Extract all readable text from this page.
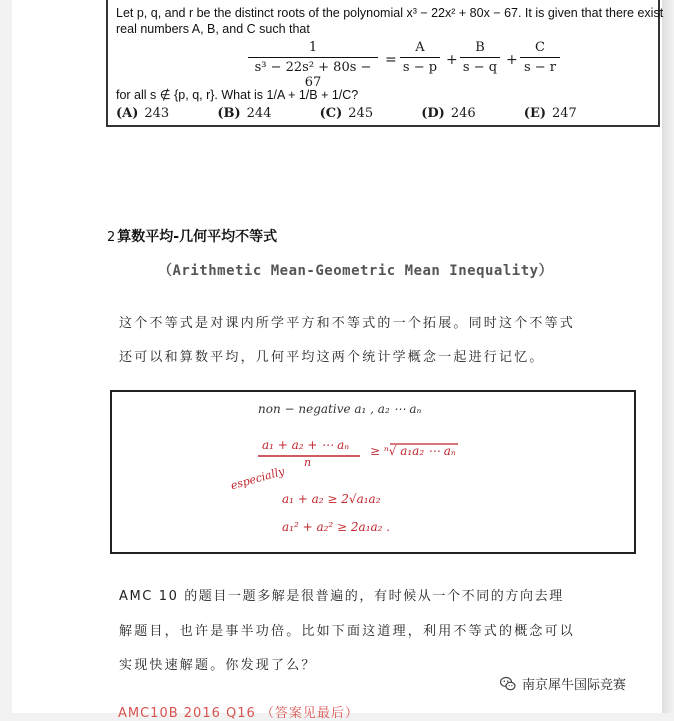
Let p, q, and r be the distinct roots of the polynomial x³ − 22x² + 80x − 67. It is given that there exist
real numbers A, B, and C such that
$\frac{1}{\text{s³ − 22s² + 80s − 67}} = \frac{A}{s - p} + \frac{B}{s - q} + \frac{C}{s - r}$
for all s ∉ {p, q, r}. What is 1/A + 1/B + 1/C?
(A) 243	(B) 244	(C) 245	(D) 246	(E) 247
2 算数平均-几何平均不等式
（Arithmetic Mean-Geometric Mean Inequality）
这个不等式是对课内所学平方和不等式的一个拓展。同时这个不等式
还可以和算数平均，几何平均这两个统计学概念一起进行记忆。
non − negative a₁ , a₂ ⋯ aₙ
a₁ + a₂ + ⋯ aₙ
n
≥ ⁿ√ a₁a₂ ⋯ aₙ
especially
a₁ + a₂ ≥ 2√a₁a₂
a₁² + a₂² ≥ 2a₁a₂ .
AMC 10 的题目一题多解是很普遍的，有时候从一个不同的方向去理
解题目，也许是事半功倍。比如下面这道理，利用不等式的概念可以
实现快速解题。你发现了么？
南京犀牛国际竞赛
AMC10B 2016 Q16 （答案见最后）
